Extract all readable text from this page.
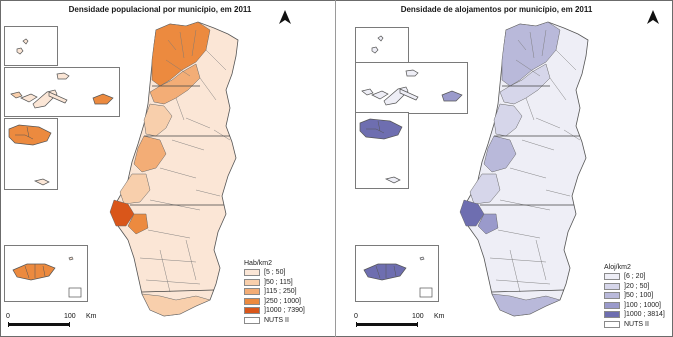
Densidade populacional por município, em 2011
Hab/km2
[5 ; 50]
]50 ; 115]
]115 ; 250]
]250 ; 1000]
]1000 ; 7390]
NUTS II
0	100 Km
Densidade de alojamentos por município, em 2011
Aloj/km2
[6 ; 20]
]20 ; 50]
]50 ; 100]
]100 ; 1000]
]1000 ; 3814]
NUTS II
0	100 Km
